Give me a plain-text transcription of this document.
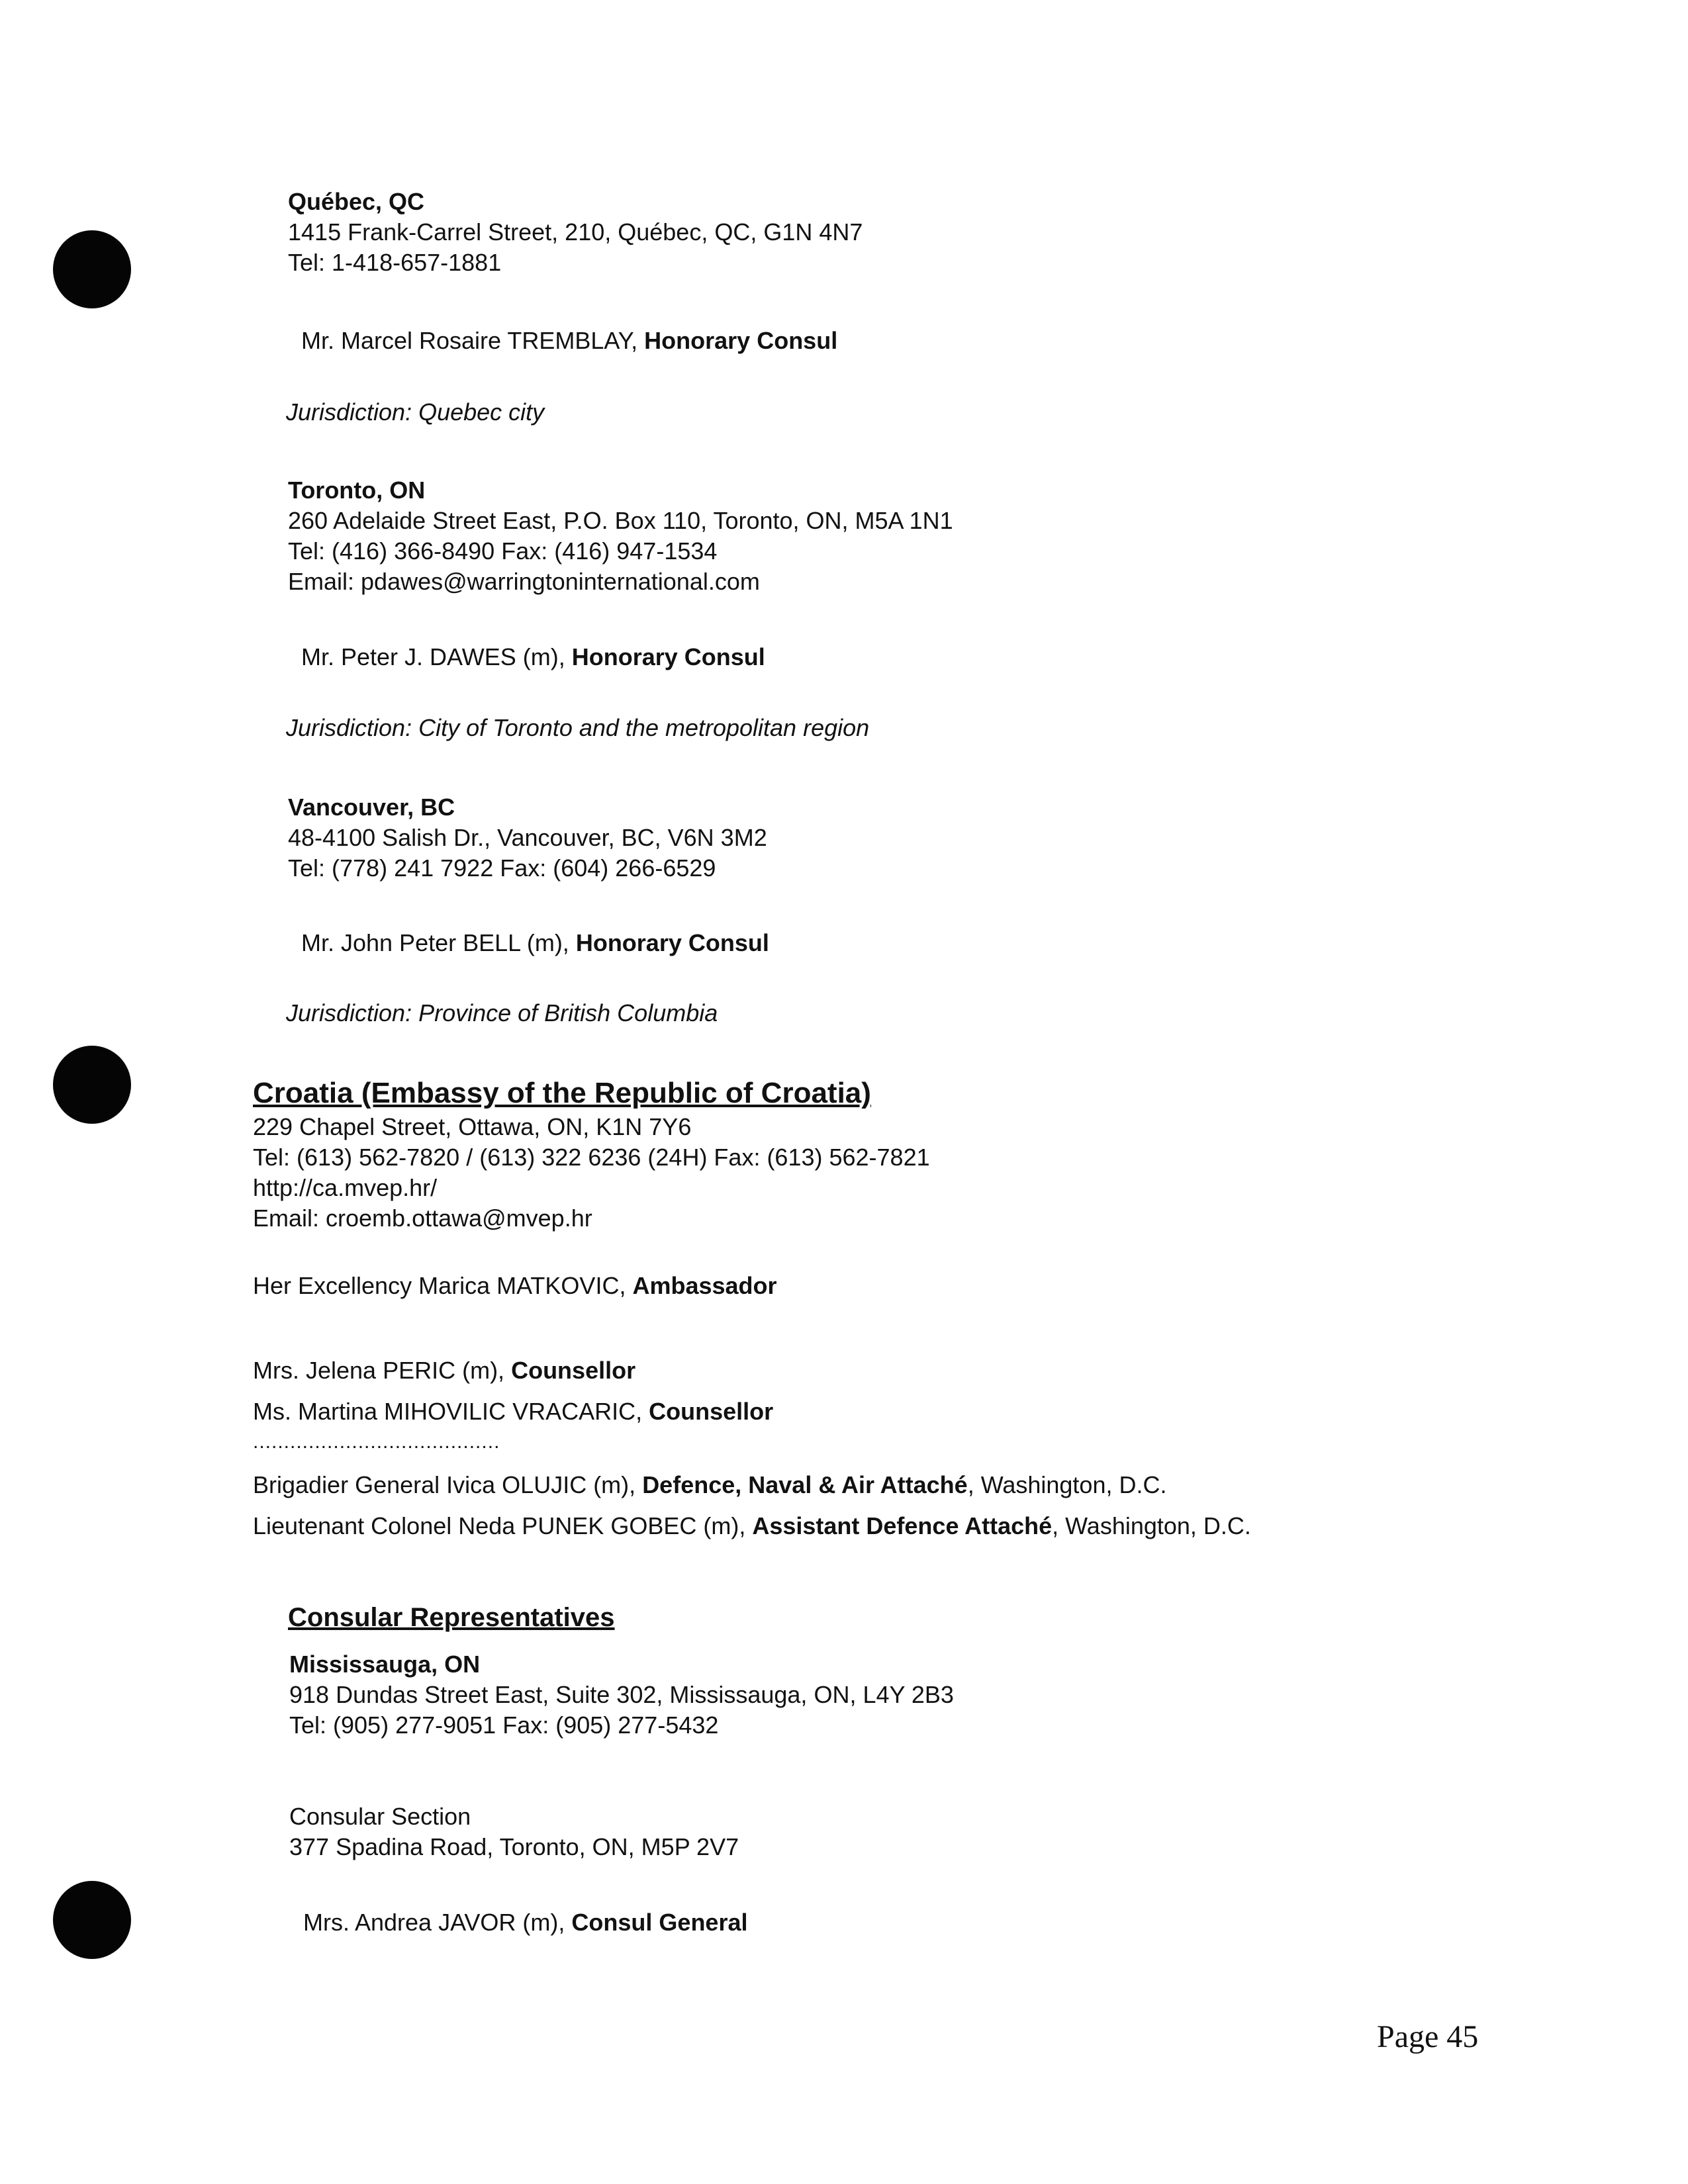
Québec, QC
1415 Frank-Carrel Street, 210, Québec, QC, G1N 4N7
Tel: 1-418-657-1881
Mr. Marcel Rosaire TREMBLAY, Honorary Consul
Jurisdiction: Quebec city
Toronto, ON
260 Adelaide Street East, P.O. Box 110, Toronto, ON, M5A 1N1
Tel: (416) 366-8490 Fax: (416) 947-1534
Email: pdawes@warringtoninternational.com
Mr. Peter J. DAWES (m), Honorary Consul
Jurisdiction: City of Toronto and the metropolitan region
Vancouver, BC
48-4100 Salish Dr., Vancouver, BC, V6N 3M2
Tel: (778) 241 7922 Fax: (604) 266-6529
Mr. John Peter BELL (m), Honorary Consul
Jurisdiction: Province of British Columbia
Croatia (Embassy of the Republic of Croatia)
229 Chapel Street, Ottawa, ON, K1N 7Y6
Tel: (613) 562-7820 / (613) 322 6236 (24H) Fax: (613) 562-7821
http://ca.mvep.hr/
Email: croemb.ottawa@mvep.hr
Her Excellency Marica MATKOVIC, Ambassador
Mrs. Jelena PERIC (m), Counsellor
Ms. Martina MIHOVILIC VRACARIC, Counsellor
........................................
Brigadier General Ivica OLUJIC (m), Defence, Naval & Air Attaché, Washington, D.C.
Lieutenant Colonel Neda PUNEK GOBEC (m), Assistant Defence Attaché, Washington, D.C.
Consular Representatives
Mississauga, ON
918 Dundas Street East, Suite 302, Mississauga, ON, L4Y 2B3
Tel: (905) 277-9051 Fax: (905) 277-5432
Consular Section
377 Spadina Road, Toronto, ON, M5P 2V7
Mrs. Andrea JAVOR (m), Consul General
Page 45
